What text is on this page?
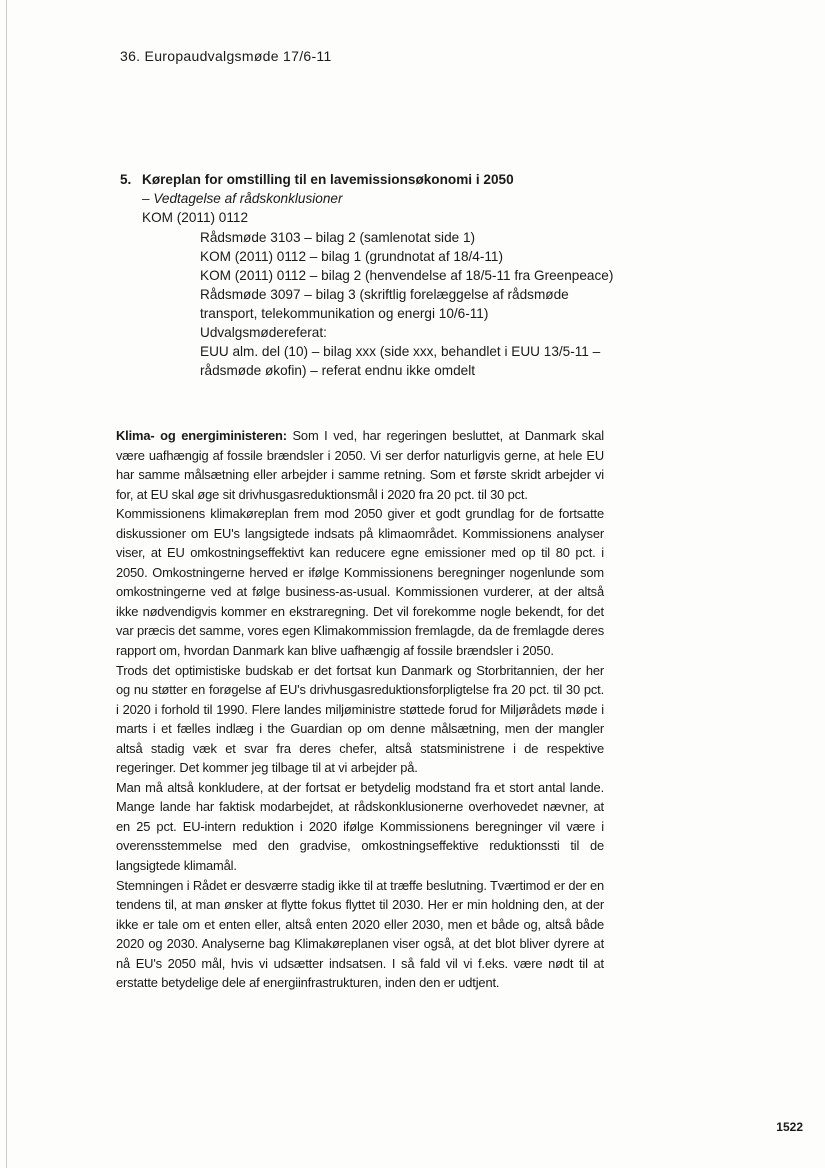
36. Europaudvalgsmøde 17/6-11
5. Køreplan for omstilling til en lavemissionsøkonomi i 2050
– Vedtagelse af rådskonklusioner
KOM (2011) 0112
Rådsmøde 3103 – bilag 2 (samlenotat side 1)
KOM (2011) 0112 – bilag 1 (grundnotat af 18/4-11)
KOM (2011) 0112 – bilag 2 (henvendelse af 18/5-11 fra Greenpeace)
Rådsmøde 3097 – bilag 3 (skriftlig forelæggelse af rådsmøde transport, telekommunikation og energi 10/6-11)
Udvalgsmødereferat:
EUU alm. del (10) – bilag xxx (side xxx, behandlet i EUU 13/5-11 – rådsmøde økofin) – referat endnu ikke omdelt

Klima- og energiministeren: Som I ved, har regeringen besluttet, at Danmark skal være uafhængig af fossile brændsler i 2050. Vi ser derfor naturligvis gerne, at hele EU har samme målsætning eller arbejder i samme retning. Som et første skridt arbejder vi for, at EU skal øge sit drivhusgasreduktionsmål i 2020 fra 20 pct. til 30 pct.

Kommissionens klimakøreplan frem mod 2050 giver et godt grundlag for de fortsatte diskussioner om EU's langsigtede indsats på klimaområdet. Kommissionens analyser viser, at EU omkostningseffektivt kan reducere egne emissioner med op til 80 pct. i 2050. Omkostningerne herved er ifølge Kommissionens beregninger nogenlunde som omkostningerne ved at følge business-as-usual. Kommissionen vurderer, at der altså ikke nødvendigvis kommer en ekstraregning. Det vil forekomme nogle bekendt, for det var præcis det samme, vores egen Klimakommission fremlagde, da de fremlagde deres rapport om, hvordan Danmark kan blive uafhængig af fossile brændsler i 2050.

Trods det optimistiske budskab er det fortsat kun Danmark og Storbritannien, der her og nu støtter en forøgelse af EU's drivhusgasreduktionsforpligtelse fra 20 pct. til 30 pct. i 2020 i forhold til 1990. Flere landes miljøministre støttede forud for Miljørådets møde i marts i et fælles indlæg i the Guardian op om denne målsætning, men der mangler altså stadig væk et svar fra deres chefer, altså statsministrene i de respektive regeringer. Det kommer jeg tilbage til at vi arbejder på.

Man må altså konkludere, at der fortsat er betydelig modstand fra et stort antal lande. Mange lande har faktisk modarbejdet, at rådskonklusionerne overhovedet nævner, at en 25 pct. EU-intern reduktion i 2020 ifølge Kommissionens beregninger vil være i overensstemmelse med den gradvise, omkostningseffektive reduktionssti til de langsigtede klimamål.

Stemningen i Rådet er desværre stadig ikke til at træffe beslutning. Tværtimod er der en tendens til, at man ønsker at flytte fokus flyttet til 2030. Her er min holdning den, at der ikke er tale om et enten eller, altså enten 2020 eller 2030, men et både og, altså både 2020 og 2030. Analyserne bag Klimakøreplanen viser også, at det blot bliver dyrere at nå EU's 2050 mål, hvis vi udsætter indsatsen. I så fald vil vi f.eks. være nødt til at erstatte betydelige dele af energiinfrastrukturen, inden den er udtjent.

1522
